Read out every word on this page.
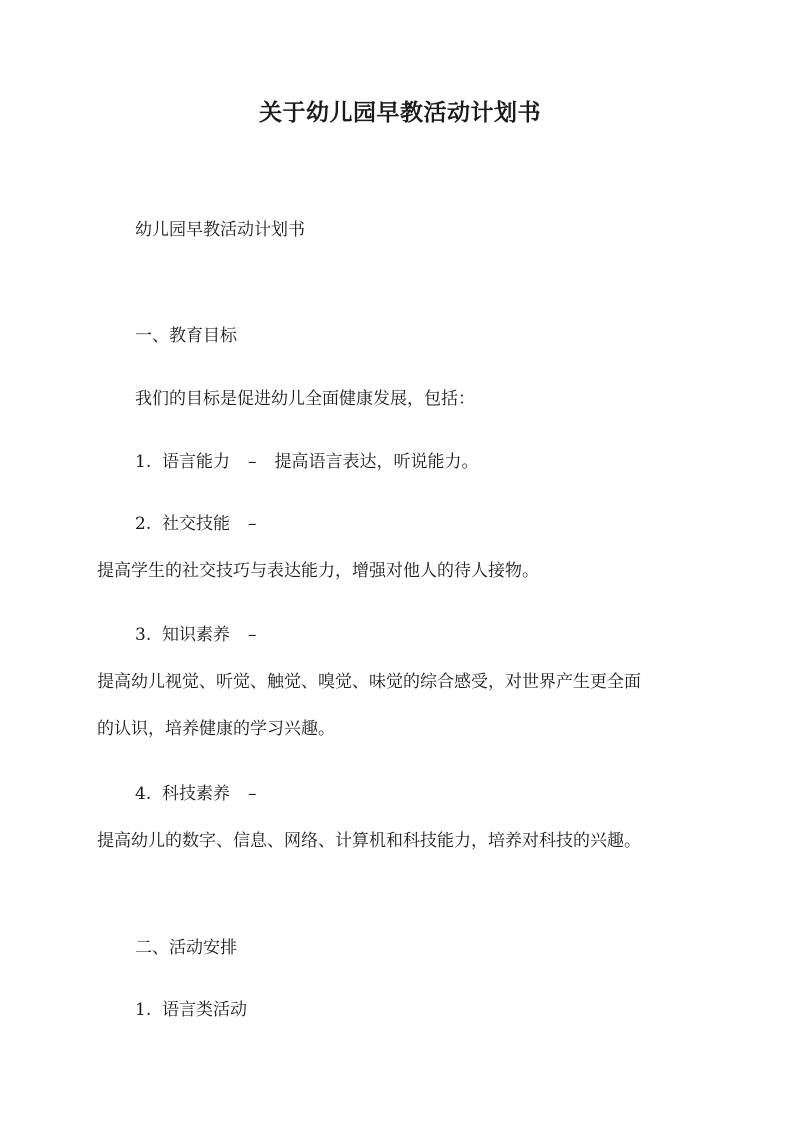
关于幼儿园早教活动计划书
幼儿园早教活动计划书
一、教育目标
我们的目标是促进幼儿全面健康发展，包括：
1. 语言能力 – 提高语言表达，听说能力。
2. 社交技能 –
提高学生的社交技巧与表达能力，增强对他人的待人接物。
3. 知识素养 –
提高幼儿视觉、听觉、触觉、嗅觉、味觉的综合感受，对世界产生更全面
的认识，培养健康的学习兴趣。
4. 科技素养 –
提高幼儿的数字、信息、网络、计算机和科技能力，培养对科技的兴趣。
二、活动安排
1. 语言类活动
